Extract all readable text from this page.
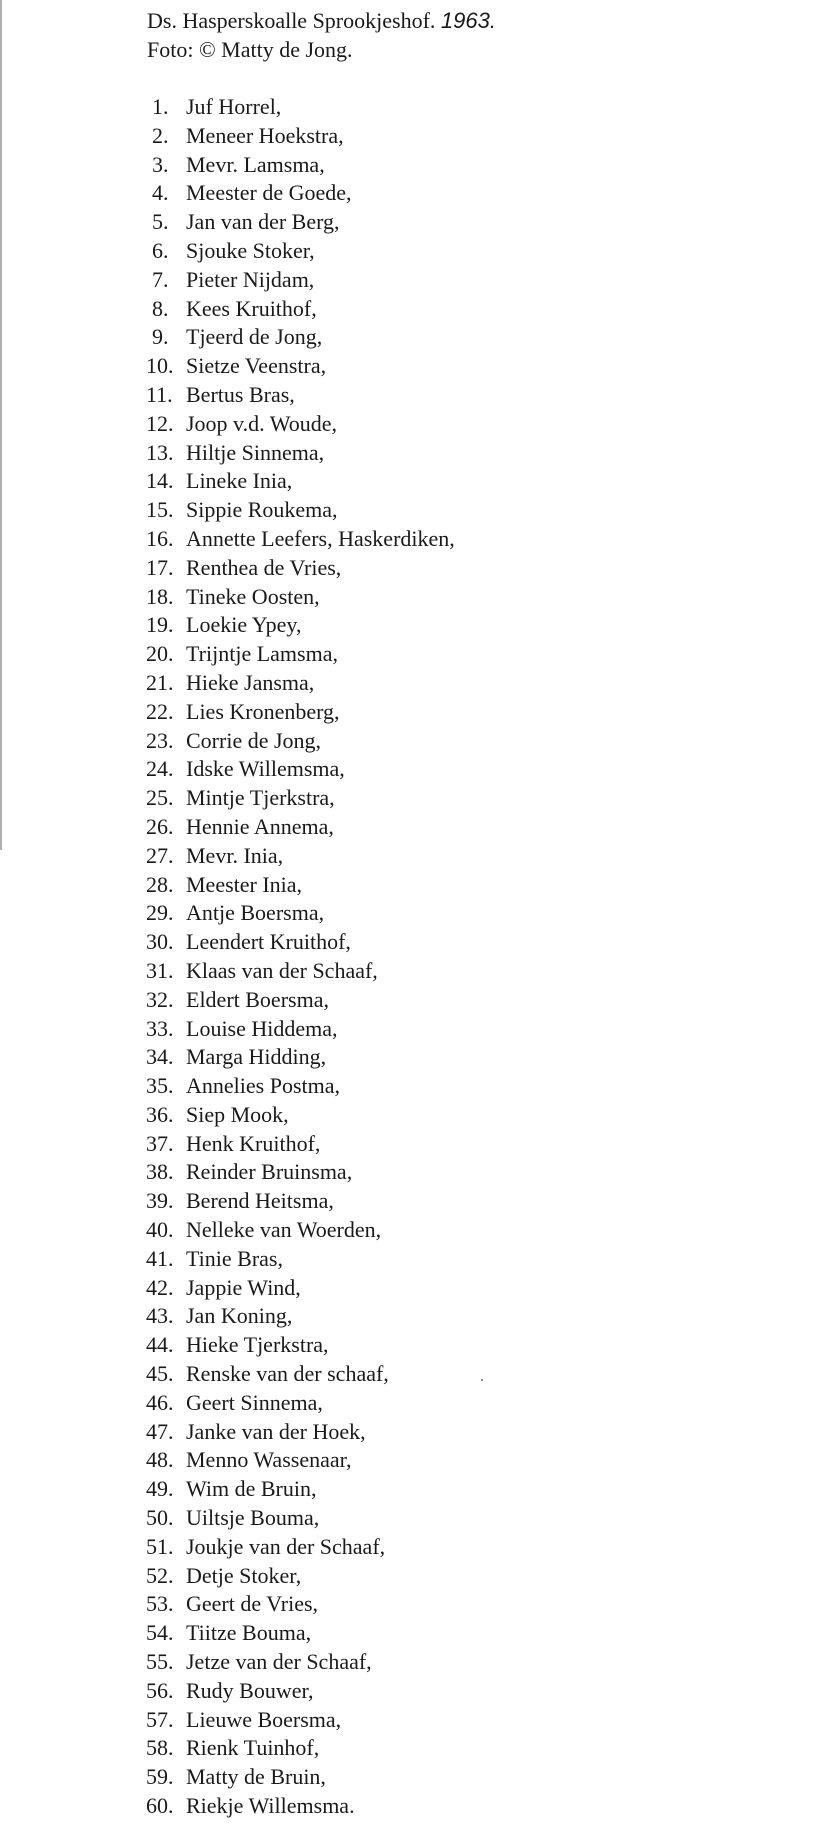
Ds. Hasperskoalle Sprookjeshof. 1963.
Foto: © Matty de Jong.
1. Juf Horrel,
2. Meneer Hoekstra,
3. Mevr. Lamsma,
4. Meester de Goede,
5. Jan van der Berg,
6. Sjouke Stoker,
7. Pieter Nijdam,
8. Kees Kruithof,
9. Tjeerd de Jong,
10. Sietze Veenstra,
11. Bertus Bras,
12. Joop v.d. Woude,
13. Hiltje Sinnema,
14. Lineke Inia,
15. Sippie Roukema,
16. Annette Leefers, Haskerdiken,
17. Renthea de Vries,
18. Tineke Oosten,
19. Loekie Ypey,
20. Trijntje Lamsma,
21. Hieke Jansma,
22. Lies Kronenberg,
23. Corrie de Jong,
24. Idske Willemsma,
25. Mintje Tjerkstra,
26. Hennie Annema,
27. Mevr. Inia,
28. Meester Inia,
29. Antje Boersma,
30. Leendert Kruithof,
31. Klaas van der Schaaf,
32. Eldert Boersma,
33. Louise Hiddema,
34. Marga Hidding,
35. Annelies Postma,
36. Siep Mook,
37. Henk Kruithof,
38. Reinder Bruinsma,
39. Berend Heitsma,
40. Nelleke van Woerden,
41. Tinie Bras,
42. Jappie Wind,
43. Jan Koning,
44. Hieke Tjerkstra,
45. Renske van der schaaf,
46. Geert Sinnema,
47. Janke van der Hoek,
48. Menno Wassenaar,
49. Wim de Bruin,
50. Uiltsje Bouma,
51. Joukje van der Schaaf,
52. Detje Stoker,
53. Geert de Vries,
54. Tiitze Bouma,
55. Jetze van der Schaaf,
56. Rudy Bouwer,
57. Lieuwe Boersma,
58. Rienk Tuinhof,
59. Matty de Bruin,
60. Riekje Willemsma.
